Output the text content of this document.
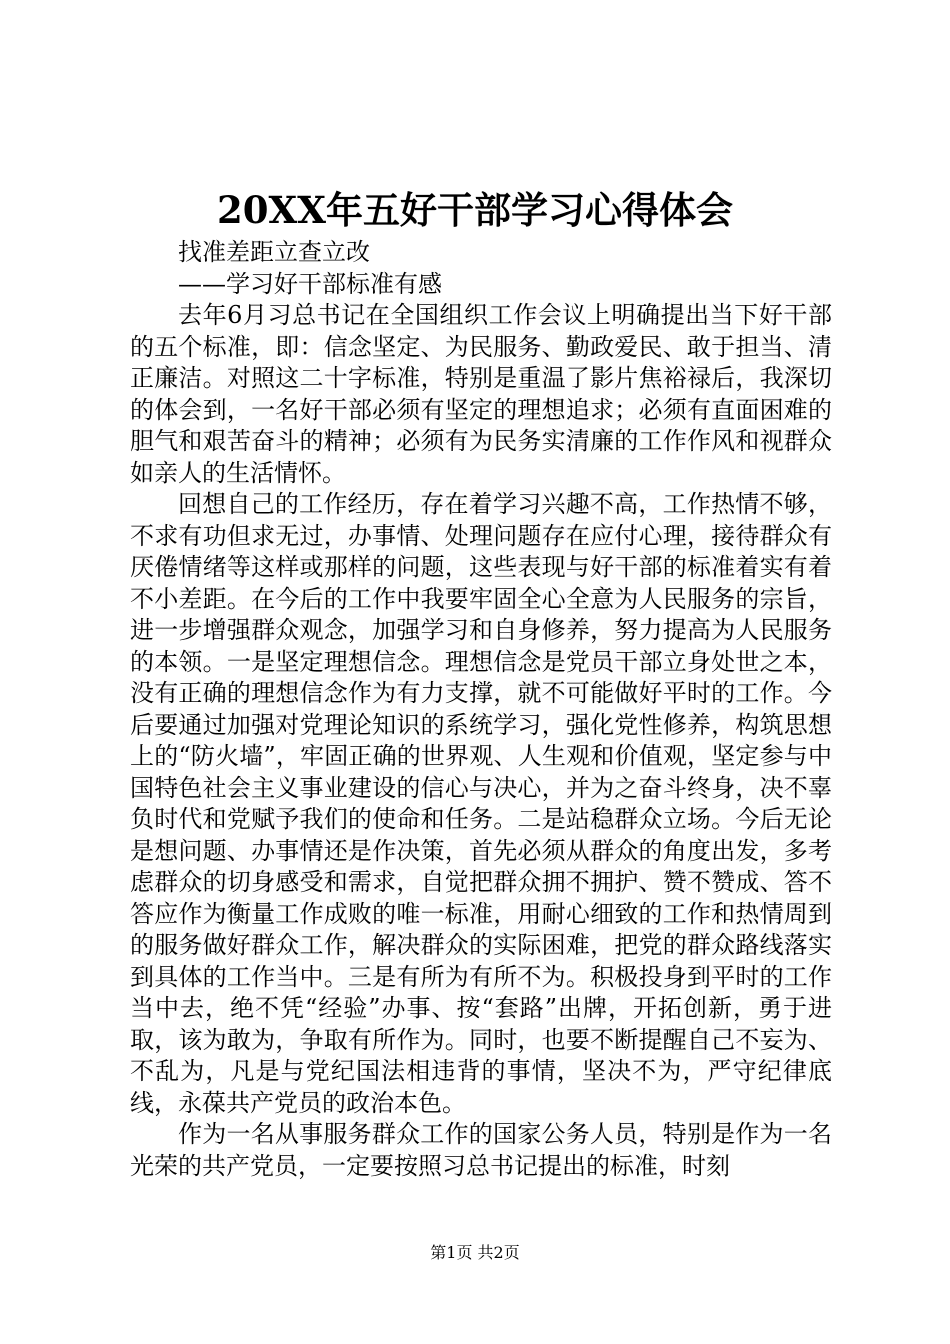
20XX年五好干部学习心得体会

找准差距立查立改

——学习好干部标准有感

去年6月习总书记在全国组织工作会议上明确提出当下好干部的五个标准，即：信念坚定、为民服务、勤政爱民、敢于担当、清正廉洁。对照这二十字标准，特别是重温了影片焦裕禄后，我深切的体会到，一名好干部必须有坚定的理想追求；必须有直面困难的胆气和艰苦奋斗的精神；必须有为民务实清廉的工作作风和视群众如亲人的生活情怀。

回想自己的工作经历，存在着学习兴趣不高，工作热情不够，不求有功但求无过，办事情、处理问题存在应付心理，接待群众有厌倦情绪等这样或那样的问题，这些表现与好干部的标准着实有着不小差距。在今后的工作中我要牢固全心全意为人民服务的宗旨，进一步增强群众观念，加强学习和自身修养，努力提高为人民服务的本领。一是坚定理想信念。理想信念是党员干部立身处世之本，没有正确的理想信念作为有力支撑，就不可能做好平时的工作。今后要通过加强对党理论知识的系统学习，强化党性修养，构筑思想上的“防火墙”，牢固正确的世界观、人生观和价值观，坚定参与中国特色社会主义事业建设的信心与决心，并为之奋斗终身，决不辜负时代和党赋予我们的使命和任务。二是站稳群众立场。今后无论是想问题、办事情还是作决策，首先必须从群众的角度出发，多考虑群众的切身感受和需求，自觉把群众拥不拥护、赞不赞成、答不答应作为衡量工作成败的唯一标准，用耐心细致的工作和热情周到的服务做好群众工作，解决群众的实际困难，把党的群众路线落实到具体的工作当中。三是有所为有所不为。积极投身到平时的工作当中去，绝不凭“经验”办事、按“套路”出牌，开拓创新，勇于进取，该为敢为，争取有所作为。同时，也要不断提醒自己不妄为、不乱为，凡是与党纪国法相违背的事情，坚决不为，严守纪律底线，永葆共产党员的政治本色。

作为一名从事服务群众工作的国家公务人员，特别是作为一名光荣的共产党员，一定要按照习总书记提出的标准，时刻

第1页 共2页
